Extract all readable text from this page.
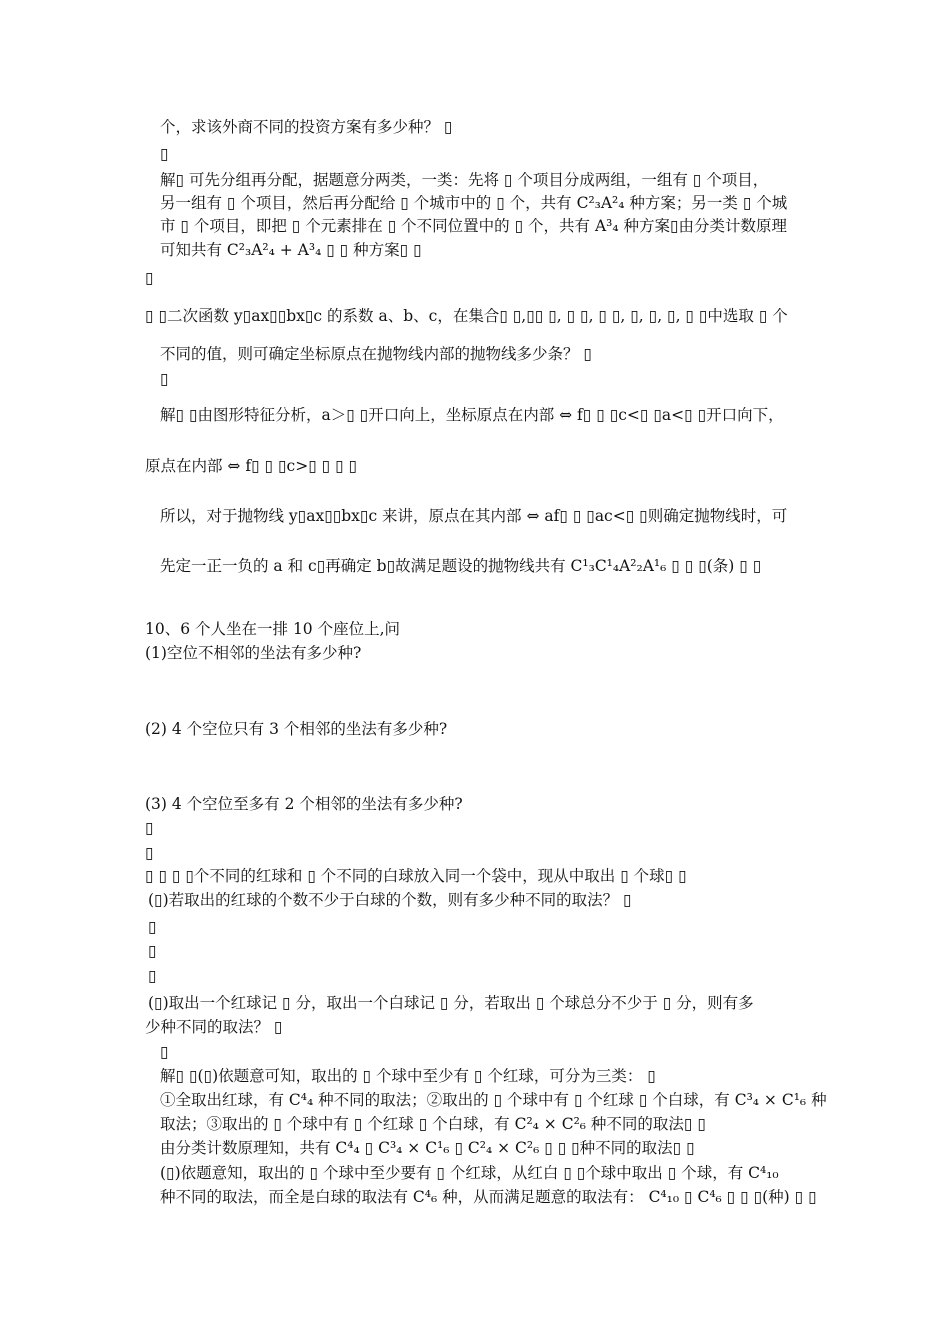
个，求该外商不同的投资方案有多少种？ ▯
▯
解▯ 可先分组再分配，据题意分两类，一类：先将 ▯ 个项目分成两组，一组有 ▯ 个项目，
另一组有 ▯ 个项目，然后再分配给 ▯ 个城市中的 ▯ 个，共有 C²₃A²₄ 种方案；另一类 ▯ 个城
市 ▯ 个项目，即把 ▯ 个元素排在 ▯ 个不同位置中的 ▯ 个，共有 A³₄ 种方案▯由分类计数原理
可知共有 C²₃A²₄ + A³₄ ▯ ▯ 种方案▯ ▯
▯
▯ ▯二次函数 y▯ax▯▯bx▯c 的系数 a、b、c，在集合▯ ▯,▯▯ ▯, ▯ ▯, ▯ ▯, ▯, ▯, ▯, ▯ ▯中选取 ▯ 个
不同的值，则可确定坐标原点在抛物线内部的抛物线多少条？ ▯
▯
解▯ ▯由图形特征分析，a＞▯ ▯开口向上，坐标原点在内部 ⇔ f▯ ▯ ▯c<▯ ▯a<▯ ▯开口向下，
原点在内部 ⇔ f▯ ▯ ▯c>▯ ▯ ▯ ▯
所以，对于抛物线 y▯ax▯▯bx▯c 来讲，原点在其内部 ⇔ af▯ ▯ ▯ac<▯ ▯则确定抛物线时，可
先定一正一负的 a 和 c▯再确定 b▯故满足题设的抛物线共有 C¹₃C¹₄A²₂A¹₆ ▯ ▯ ▯(条) ▯ ▯
10、6 个人坐在一排 10 个座位上,问
(1)空位不相邻的坐法有多少种?
(2) 4 个空位只有 3 个相邻的坐法有多少种?
(3) 4 个空位至多有 2 个相邻的坐法有多少种?
▯
▯
▯ ▯ ▯ ▯个不同的红球和 ▯ 个不同的白球放入同一个袋中，现从中取出 ▯ 个球▯ ▯
(▯)若取出的红球的个数不少于白球的个数，则有多少种不同的取法？ ▯
▯
▯
▯
(▯)取出一个红球记 ▯ 分，取出一个白球记 ▯ 分，若取出 ▯ 个球总分不少于 ▯ 分，则有多
少种不同的取法？ ▯
▯
解▯ ▯(▯)依题意可知，取出的 ▯ 个球中至少有 ▯ 个红球，可分为三类： ▯
①全取出红球，有 C⁴₄ 种不同的取法；②取出的 ▯ 个球中有 ▯ 个红球 ▯ 个白球，有 C³₄ × C¹₆ 种
取法；③取出的 ▯ 个球中有 ▯ 个红球 ▯ 个白球，有 C²₄ × C²₆ 种不同的取法▯ ▯
由分类计数原理知，共有 C⁴₄ ▯ C³₄ × C¹₆ ▯ C²₄ × C²₆ ▯ ▯ ▯种不同的取法▯ ▯
(▯)依题意知，取出的 ▯ 个球中至少要有 ▯ 个红球，从红白 ▯ ▯个球中取出 ▯ 个球，有 C⁴₁₀
种不同的取法，而全是白球的取法有 C⁴₆ 种，从而满足题意的取法有： C⁴₁₀ ▯ C⁴₆ ▯ ▯ ▯(种) ▯ ▯
